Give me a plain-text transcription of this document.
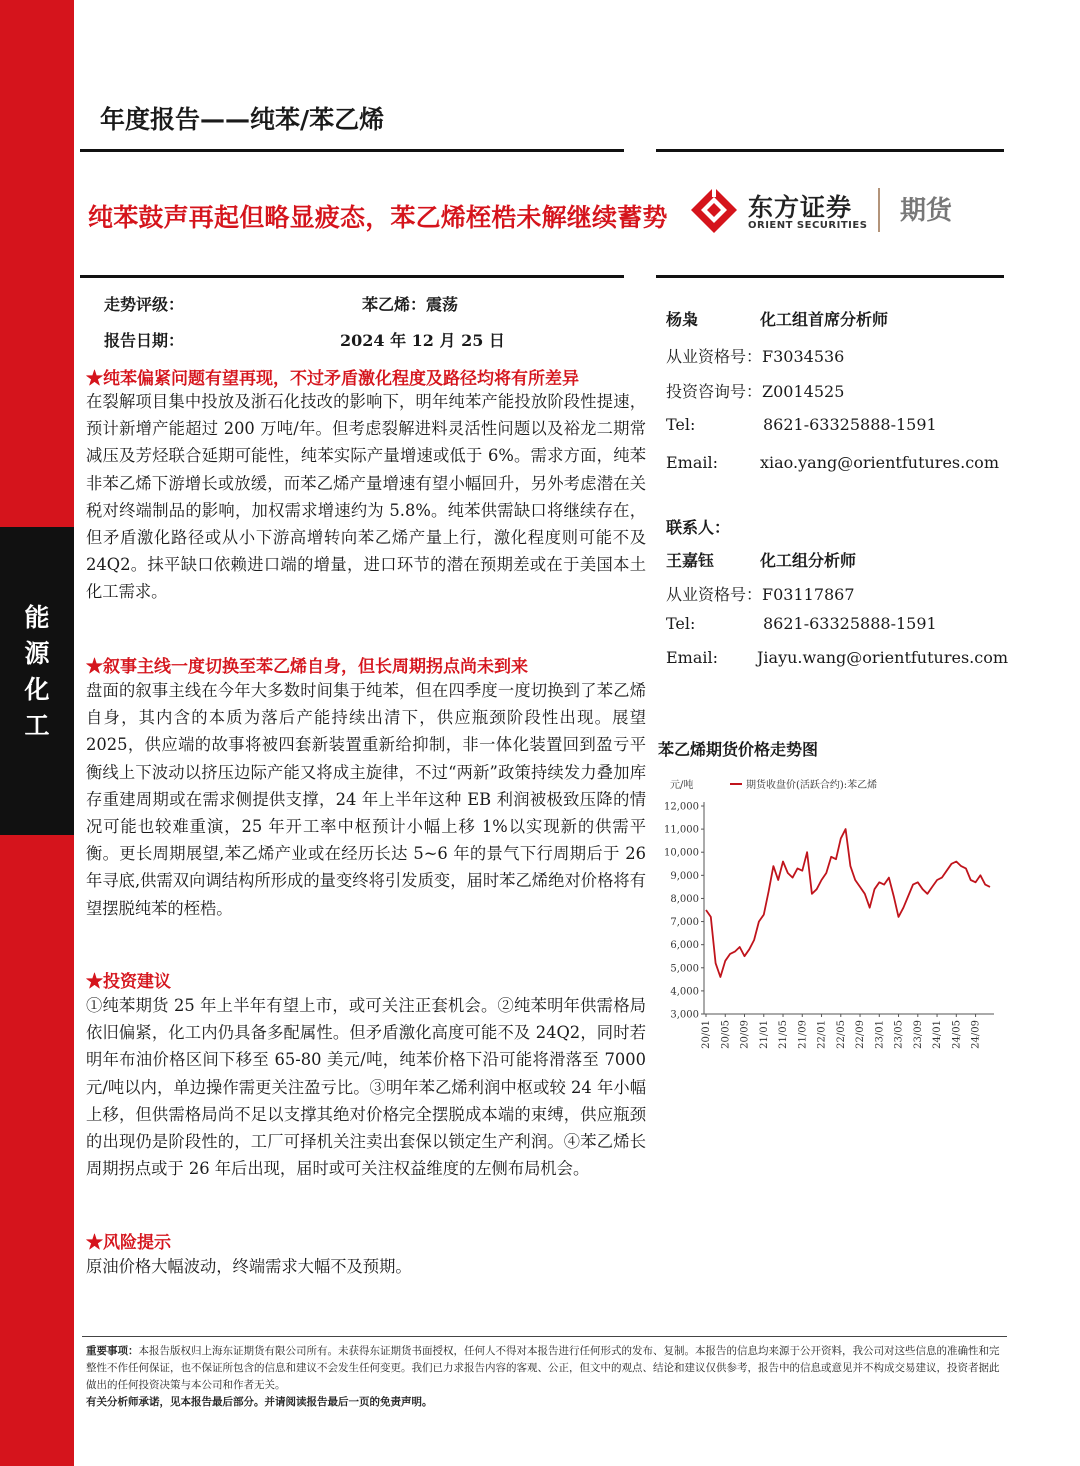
能
源
化
工
年度报告——纯苯/苯乙烯
纯苯鼓声再起但略显疲态，苯乙烯桎梏未解继续蓄势	东方证券
ORIENT SECURITIES 期货
走势评级：	苯乙烯：震荡
报告日期：	2024 年 12 月 25 日
★纯苯偏紧问题有望再现，不过矛盾激化程度及路径均将有所差异

在裂解项目集中投放及浙石化技改的影响下，明年纯苯产能投放阶段性提速，预计新增产能超过 200 万吨/年。但考虑裂解进料灵活性问题以及裕龙二期常减压及芳烃联合延期可能性，纯苯实际产量增速或低于 6%。需求方面，纯苯非苯乙烯下游增长或放缓，而苯乙烯产量增速有望小幅回升，另外考虑潜在关税对终端制品的影响，加权需求增速约为 5.8%。纯苯供需缺口将继续存在，但矛盾激化路径或从小下游高增转向苯乙烯产量上行，激化程度则可能不及 24Q2。抹平缺口依赖进口端的增量，进口环节的潜在预期差或在于美国本土化工需求。

★叙事主线一度切换至苯乙烯自身，但长周期拐点尚未到来

盘面的叙事主线在今年大多数时间集于纯苯，但在四季度一度切换到了苯乙烯自身，其内含的本质为落后产能持续出清下，供应瓶颈阶段性出现。展望 2025，供应端的故事将被四套新装置重新给抑制，非一体化装置回到盈亏平衡线上下波动以挤压边际产能又将成主旋律，不过“两新”政策持续发力叠加库存重建周期或在需求侧提供支撑，24 年上半年这种 EB 利润被极致压降的情况可能也较难重演，25 年开工率中枢预计小幅上移 1%以实现新的供需平衡。更长周期展望,苯乙烯产业或在经历长达 5~6 年的景气下行周期后于 26 年寻底,供需双向调结构所形成的量变终将引发质变，届时苯乙烯绝对价格将有望摆脱纯苯的桎梏。

★投资建议

①纯苯期货 25 年上半年有望上市，或可关注正套机会。②纯苯明年供需格局依旧偏紧，化工内仍具备多配属性。但矛盾激化高度可能不及 24Q2，同时若明年布油价格区间下移至 65-80 美元/吨，纯苯价格下沿可能将滑落至 7000 元/吨以内，单边操作需更关注盈亏比。③明年苯乙烯利润中枢或较 24 年小幅上移，但供需格局尚不足以支撑其绝对价格完全摆脱成本端的束缚，供应瓶颈的出现仍是阶段性的，工厂可择机关注卖出套保以锁定生产利润。④苯乙烯长周期拐点或于 26 年后出现，届时或可关注权益维度的左侧布局机会。

★风险提示

原油价格大幅波动，终端需求大幅不及预期。

杨枭	化工组首席分析师
从业资格号：F3034536
投资咨询号：Z0014525
Tel:	8621-63325888-1591
Email:	xiao.yang@orientfutures.com
联系人：
王嘉钰	化工组分析师
从业资格号：F03117867
Tel:	8621-63325888-1591
Email: Jiayu.wang@orientfutures.com
苯乙烯期货价格走势图
元/吨	期货收盘价(活跃合约):苯乙烯
12,000
11,000
10,000
9,000
8,000
7,000
6,000
5,000
4,000
3,000
20/01 20/05 20/09 21/01 21/05 21/09 22/01 22/05 22/09 23/01 23/05 23/09 24/01 24/05 24/09

重要事项：本报告版权归上海东证期货有限公司所有。未获得东证期货书面授权，任何人不得对本报告进行任何形式的发布、复制。本报告的信息均来源于公开资料，我公司对这些信息的准确性和完整性不作任何保证，也不保证所包含的信息和建议不会发生任何变更。我们已力求报告内容的客观、公正，但文中的观点、结论和建议仅供参考，报告中的信息或意见并不构成交易建议，投资者据此做出的任何投资决策与本公司和作者无关。
有关分析师承诺，见本报告最后部分。并请阅读报告最后一页的免责声明。
